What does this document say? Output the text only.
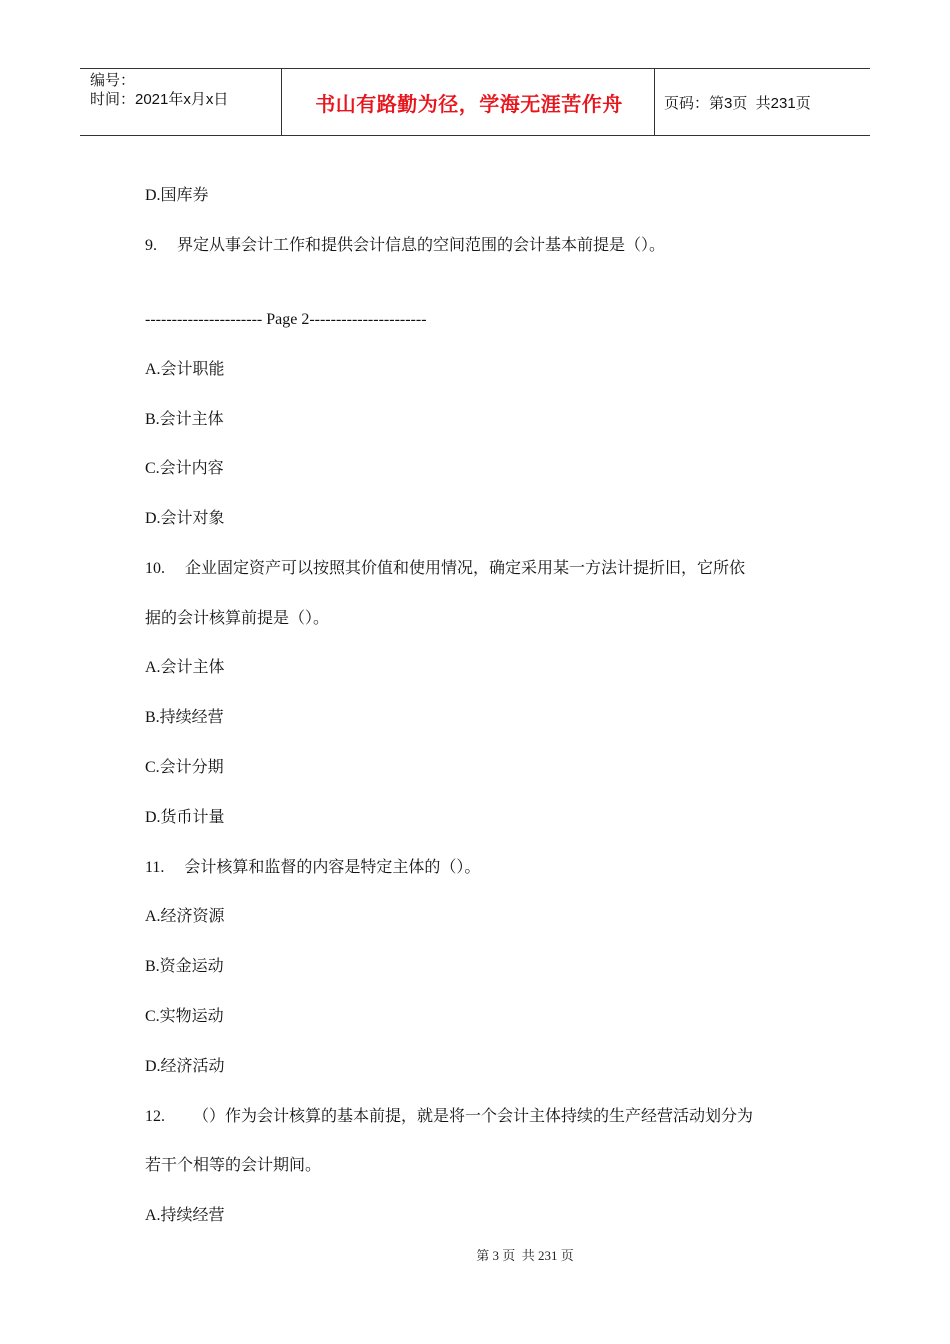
编号：
时间：2021年x月x日	书山有路勤为径，学海无涯苦作舟	页码：第3页  共231页
D.国库券
9.     界定从事会计工作和提供会计信息的空间范围的会计基本前提是（）。
---------------------- Page 2----------------------
A.会计职能
B.会计主体
C.会计内容
D.会计对象
10.     企业固定资产可以按照其价值和使用情况，确定采用某一方法计提折旧，它所依
据的会计核算前提是（）。
A.会计主体
B.持续经营
C.会计分期
D.货币计量
11.     会计核算和监督的内容是特定主体的（）。
A.经济资源
B.资金运动
C.实物运动
D.经济活动
12.       （）作为会计核算的基本前提，就是将一个会计主体持续的生产经营活动划分为
若干个相等的会计期间。
A.持续经营
第 3 页  共 231 页
